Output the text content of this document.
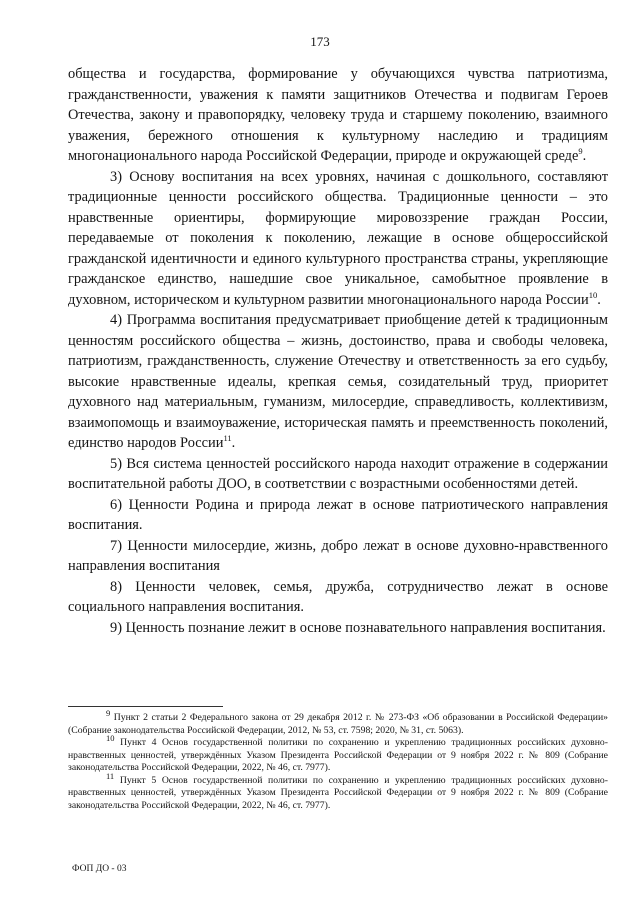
173

общества и государства, формирование у обучающихся чувства патриотизма, гражданственности, уважения к памяти защитников Отечества и подвигам Героев Отечества, закону и правопорядку, человеку труда и старшему поколению, взаимного уважения, бережного отношения к культурному наследию и традициям многонационального народа Российской Федерации, природе и окружающей среде$^9$.

3) Основу воспитания на всех уровнях, начиная с дошкольного, составляют традиционные ценности российского общества. Традиционные ценности – это нравственные ориентиры, формирующие мировоззрение граждан России, передаваемые от поколения к поколению, лежащие в основе общероссийской гражданской идентичности и единого культурного пространства страны, укрепляющие гражданское единство, нашедшие свое уникальное, самобытное проявление в духовном, историческом и культурном развитии многонационального народа России$^{10}$.

4) Программа воспитания предусматривает приобщение детей к традиционным ценностям российского общества – жизнь, достоинство, права и свободы человека, патриотизм, гражданственность, служение Отечеству и ответственность за его судьбу, высокие нравственные идеалы, крепкая семья, созидательный труд, приоритет духовного над материальным, гуманизм, милосердие, справедливость, коллективизм, взаимопомощь и взаимоуважение, историческая память и преемственность поколений, единство народов России$^{11}$.

5) Вся система ценностей российского народа находит отражение в содержании воспитательной работы ДОО, в соответствии с возрастными особенностями детей.

6) Ценности Родина и природа лежат в основе патриотического направления воспитания.

7) Ценности милосердие, жизнь, добро лежат в основе духовно-нравственного направления воспитания

8) Ценности человек, семья, дружба, сотрудничество лежат в основе социального направления воспитания.

9) Ценность познание лежит в основе познавательного направления воспитания.

$^9$ Пункт 2 статьи 2 Федерального закона от 29 декабря 2012 г. № 273-ФЗ «Об образовании в Российской Федерации» (Собрание законодательства Российской Федерации, 2012, № 53, ст. 7598; 2020, № 31, ст. 5063).

$^{10}$ Пункт 4 Основ государственной политики по сохранению и укреплению традиционных российских духовно-нравственных ценностей, утверждённых Указом Президента Российской Федерации от 9 ноября 2022 г. № 809 (Собрание законодательства Российской Федерации, 2022, № 46, ст. 7977).

$^{11}$ Пункт 5 Основ государственной политики по сохранению и укреплению традиционных российских духовно-нравственных ценностей, утверждённых Указом Президента Российской Федерации от 9 ноября 2022 г. № 809 (Собрание законодательства Российской Федерации, 2022, № 46, ст. 7977).

ФОП ДО - 03
